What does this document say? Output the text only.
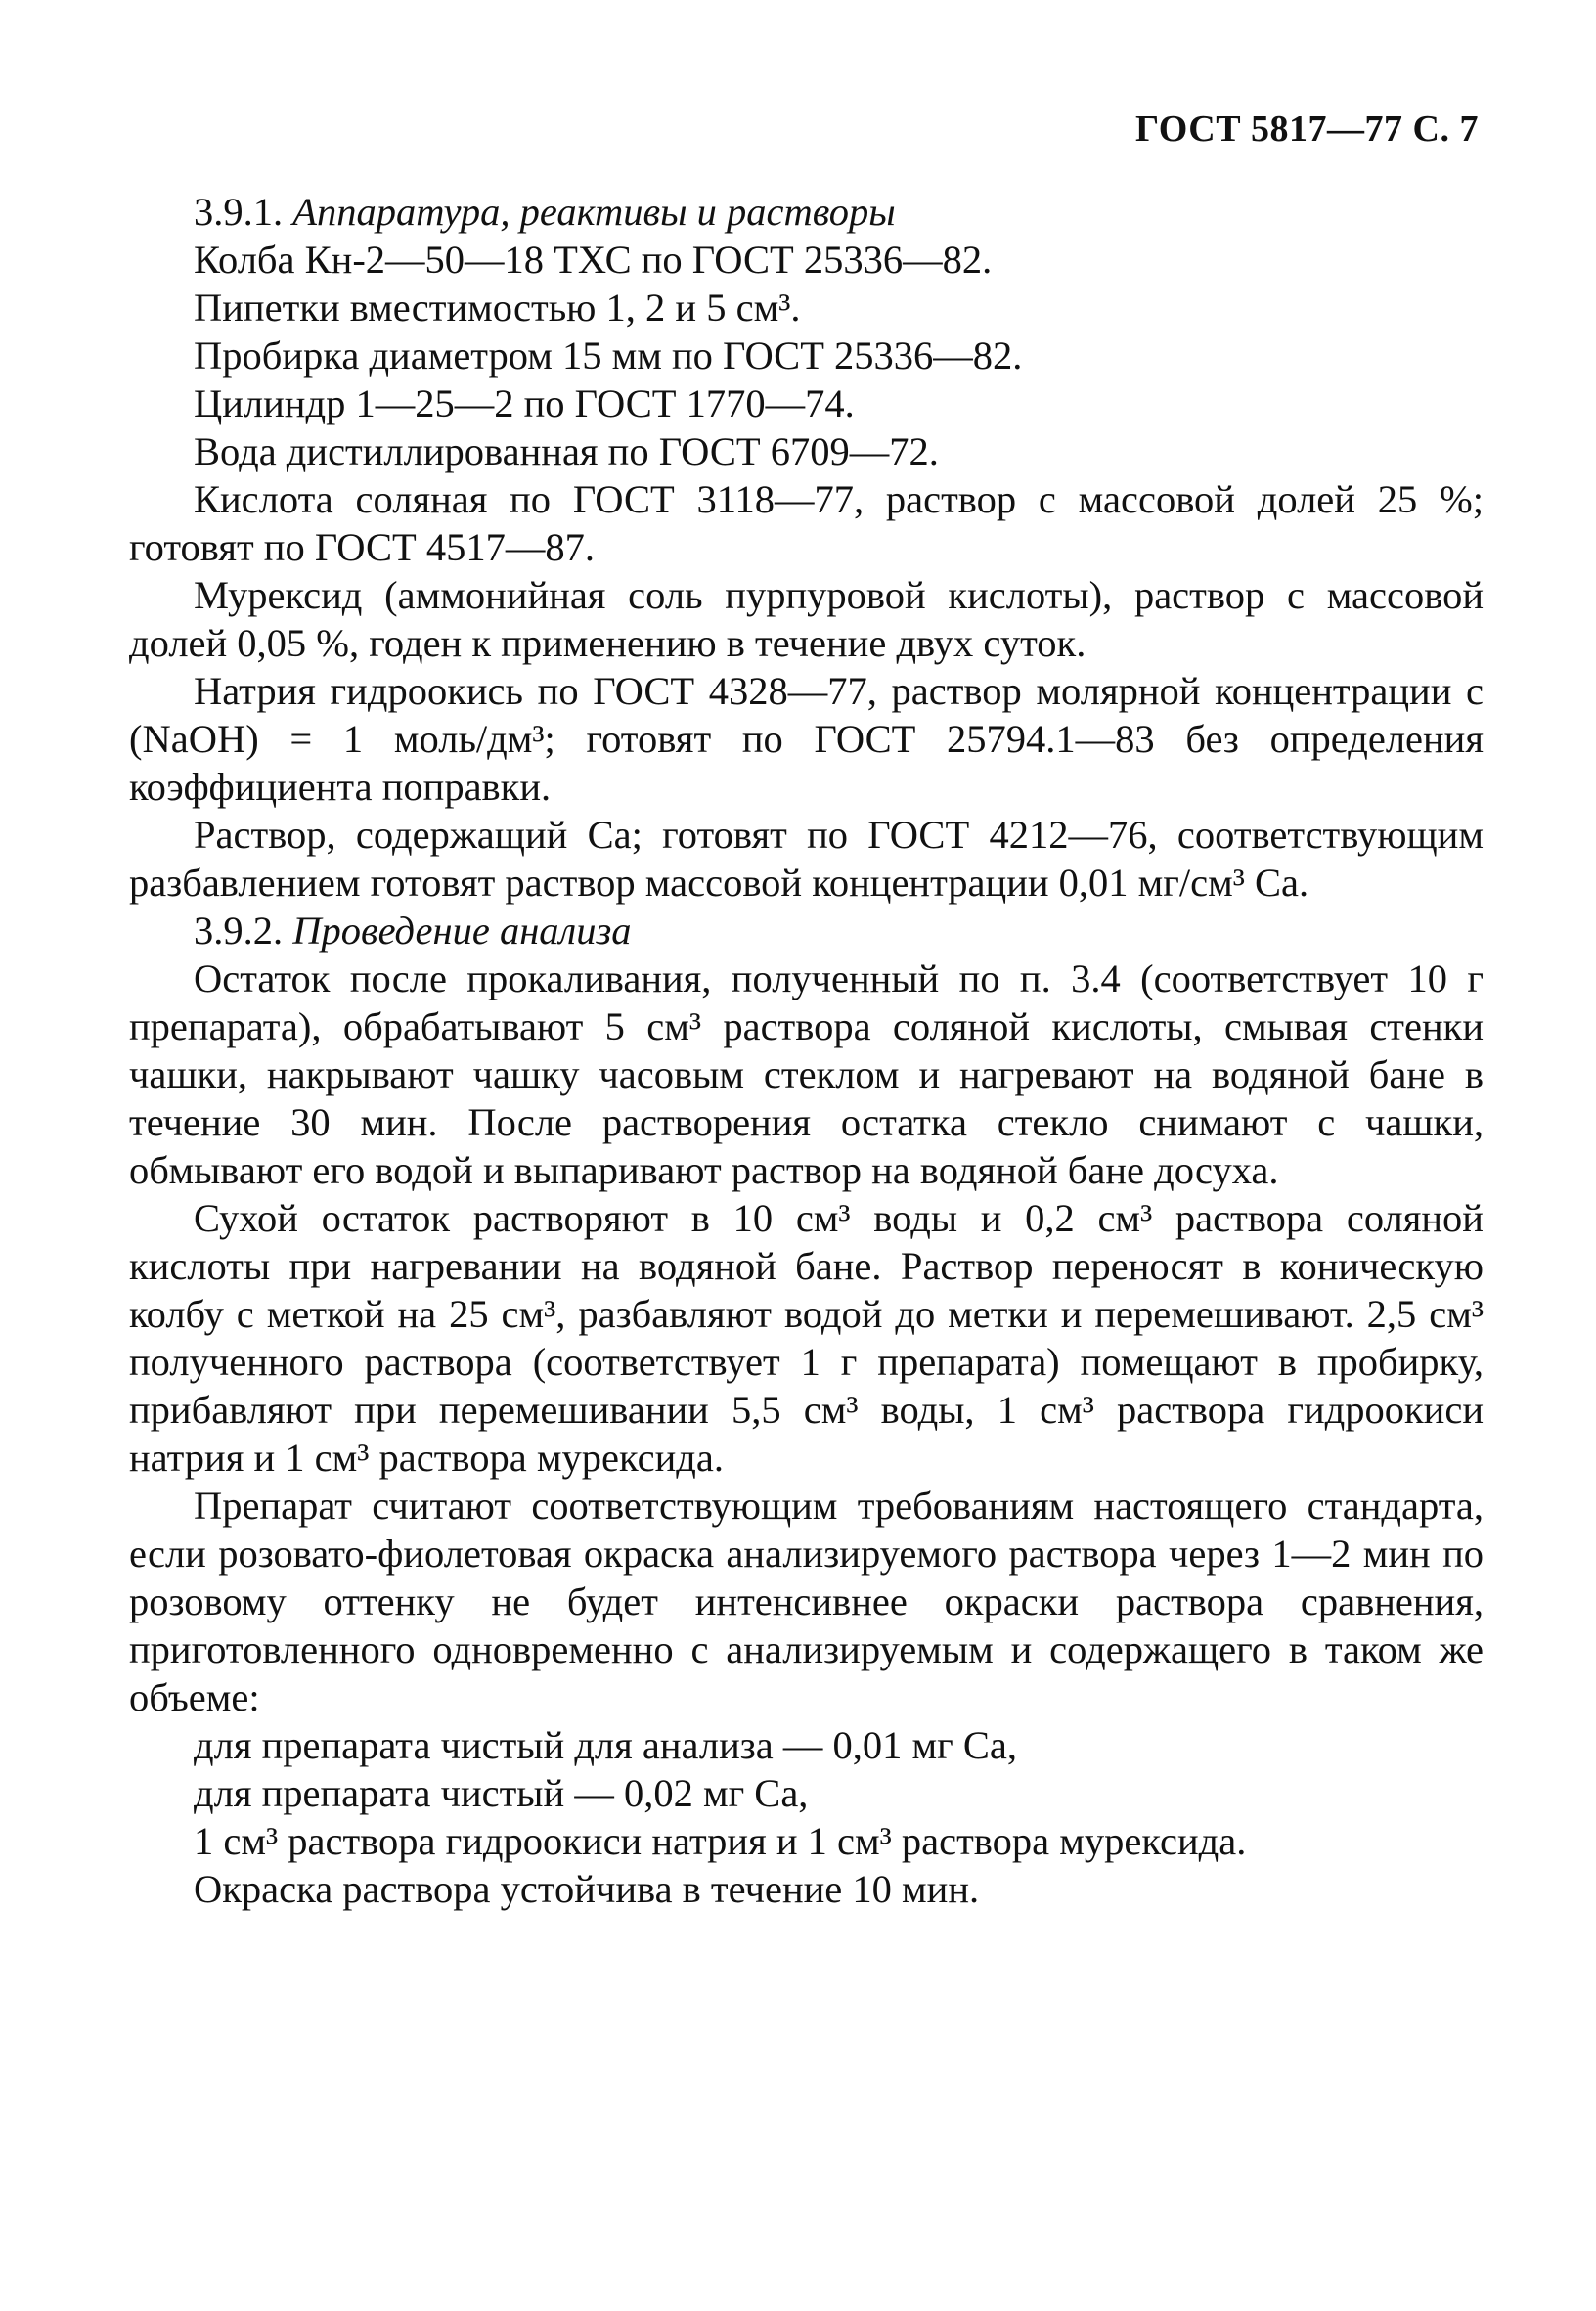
ГОСТ 5817—77 С. 7

3.9.1. Аппаратура, реактивы и растворы

Колба Кн-2—50—18 ТХС по ГОСТ 25336—82.

Пипетки вместимостью 1, 2 и 5 см³.

Пробирка диаметром 15 мм по ГОСТ 25336—82.

Цилиндр 1—25—2 по ГОСТ 1770—74.

Вода дистиллированная по ГОСТ 6709—72.

Кислота соляная по ГОСТ 3118—77, раствор с массовой долей 25 %; готовят по ГОСТ 4517—87.

Мурексид (аммонийная соль пурпуровой кислоты), раствор с массовой долей 0,05 %, годен к применению в течение двух суток.

Натрия гидроокись по ГОСТ 4328—77, раствор молярной концентрации с (NaOH) = 1 моль/дм³; готовят по ГОСТ 25794.1—83 без определения коэффициента поправки.

Раствор, содержащий Са; готовят по ГОСТ 4212—76, соответствующим разбавлением готовят раствор массовой концентрации 0,01 мг/см³ Са.

3.9.2. Проведение анализа

Остаток после прокаливания, полученный по п. 3.4 (соответствует 10 г препарата), обрабатывают 5 см³ раствора соляной кислоты, смывая стенки чашки, накрывают чашку часовым стеклом и нагревают на водяной бане в течение 30 мин. После растворения остатка стекло снимают с чашки, обмывают его водой и выпаривают раствор на водяной бане досуха.

Сухой остаток растворяют в 10 см³ воды и 0,2 см³ раствора соляной кислоты при нагревании на водяной бане. Раствор переносят в коническую колбу с меткой на 25 см³, разбавляют водой до метки и перемешивают. 2,5 см³ полученного раствора (соответствует 1 г препарата) помещают в пробирку, прибавляют при перемешивании 5,5 см³ воды, 1 см³ раствора гидроокиси натрия и 1 см³ раствора мурексида.

Препарат считают соответствующим требованиям настоящего стандарта, если розовато-фиолетовая окраска анализируемого раствора через 1—2 мин по розовому оттенку не будет интенсивнее окраски раствора сравнения, приготовленного одновременно с анализируемым и содержащего в таком же объеме:

для препарата чистый для анализа — 0,01 мг Са,

для препарата чистый — 0,02 мг Са,

1 см³ раствора гидроокиси натрия и 1 см³ раствора мурексида.

Окраска раствора устойчива в течение 10 мин.
